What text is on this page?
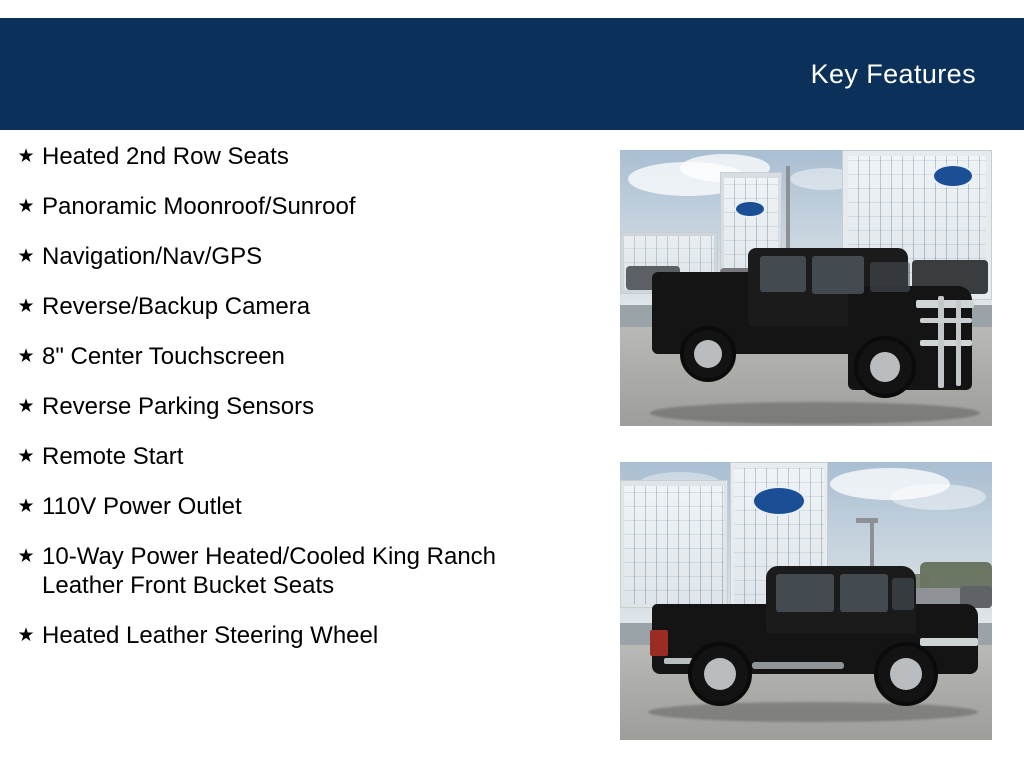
Key Features
★ Heated 2nd Row Seats
★ Panoramic Moonroof/Sunroof
★ Navigation/Nav/GPS
★ Reverse/Backup Camera
★ 8" Center Touchscreen
★ Reverse Parking Sensors
★ Remote Start
★ 110V Power Outlet
★ 10-Way Power Heated/Cooled King Ranch Leather Front Bucket Seats
★ Heated Leather Steering Wheel
